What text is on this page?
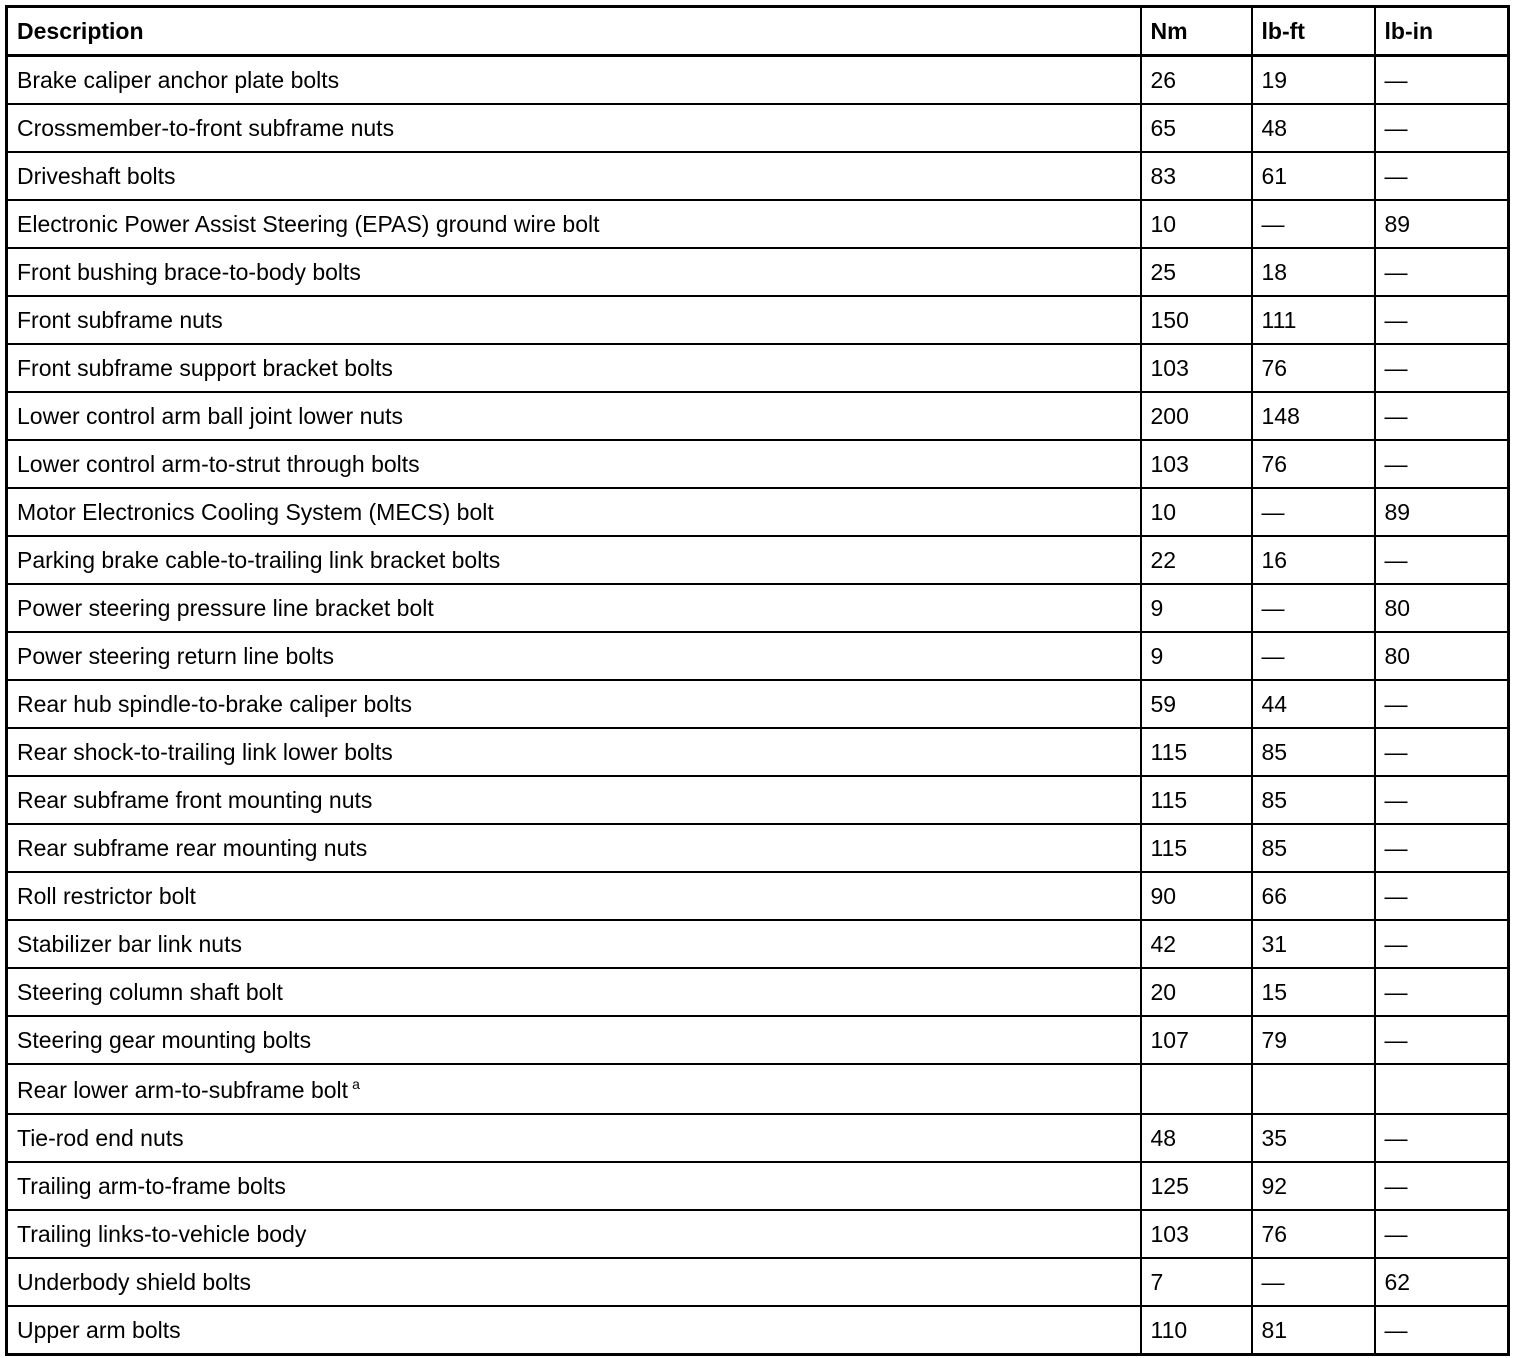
Description	Nm	lb-ft	lb-in
Brake caliper anchor plate bolts	26	19	—
Crossmember-to-front subframe nuts	65	48	—
Driveshaft bolts	83	61	—
Electronic Power Assist Steering (EPAS) ground wire bolt	10	—	89
Front bushing brace-to-body bolts	25	18	—
Front subframe nuts	150	111	—
Front subframe support bracket bolts	103	76	—
Lower control arm ball joint lower nuts	200	148	—
Lower control arm-to-strut through bolts	103	76	—
Motor Electronics Cooling System (MECS) bolt	10	—	89
Parking brake cable-to-trailing link bracket bolts	22	16	—
Power steering pressure line bracket bolt	9	—	80
Power steering return line bolts	9	—	80
Rear hub spindle-to-brake caliper bolts	59	44	—
Rear shock-to-trailing link lower bolts	115	85	—
Rear subframe front mounting nuts	115	85	—
Rear subframe rear mounting nuts	115	85	—
Roll restrictor bolt	90	66	—
Stabilizer bar link nuts	42	31	—
Steering column shaft bolt	20	15	—
Steering gear mounting bolts	107	79	—
Rear lower arm-to-subframe bolt $^a$			
Tie-rod end nuts	48	35	—
Trailing arm-to-frame bolts	125	92	—
Trailing links-to-vehicle body	103	76	—
Underbody shield bolts	7	—	62
Upper arm bolts	110	81	—
